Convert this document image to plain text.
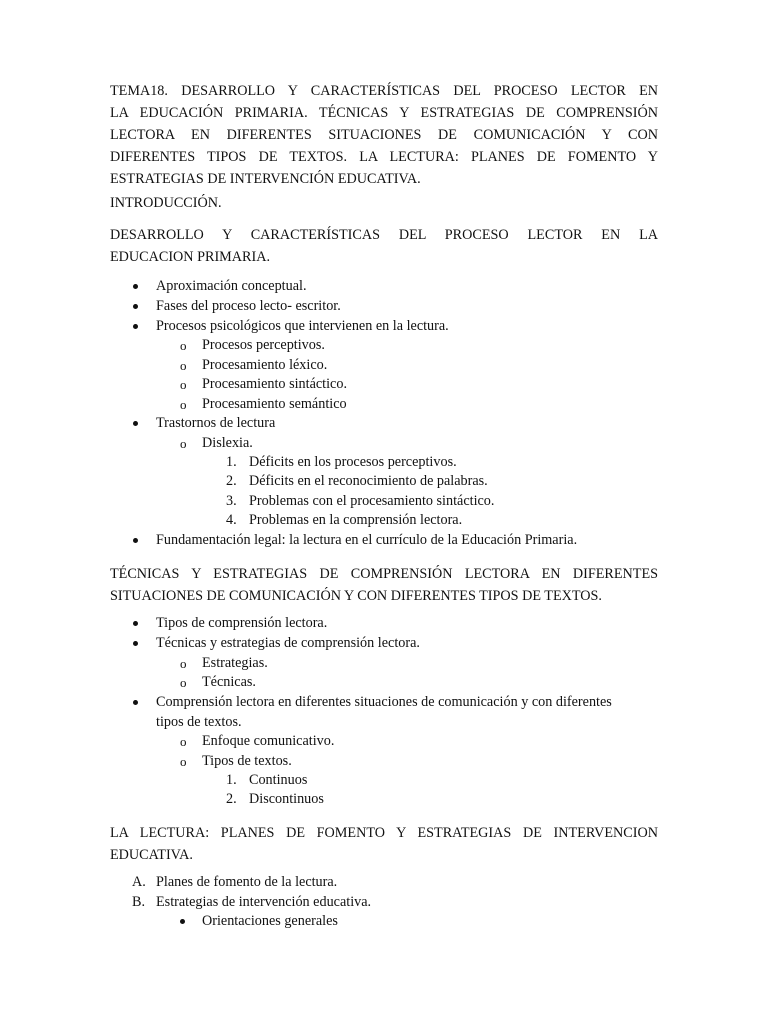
TEMA18. DESARROLLO Y CARACTERÍSTICAS DEL PROCESO LECTOR EN
LA EDUCACIÓN PRIMARIA. TÉCNICAS Y ESTRATEGIAS DE COMPRENSIÓN
LECTORA EN DIFERENTES SITUACIONES DE COMUNICACIÓN Y CON
DIFERENTES TIPOS DE TEXTOS. LA LECTURA: PLANES DE FOMENTO Y
ESTRATEGIAS DE INTERVENCIÓN EDUCATIVA.

INTRODUCCIÓN.

DESARROLLO Y CARACTERÍSTICAS DEL PROCESO LECTOR EN LA
EDUCACION PRIMARIA.
Aproximación conceptual.
Fases del proceso lecto- escritor.
Procesos psicológicos que intervienen en la lectura.
o Procesos perceptivos.
o Procesamiento léxico.
o Procesamiento sintáctico.
o Procesamiento semántico
Trastornos de lectura
o Dislexia.
1. Déficits en los procesos perceptivos.
2. Déficits en el reconocimiento de palabras.
3. Problemas con el procesamiento sintáctico.
4. Problemas en la comprensión lectora.
Fundamentación legal: la lectura en el currículo de la Educación Primaria.
TÉCNICAS Y ESTRATEGIAS DE COMPRENSIÓN LECTORA EN DIFERENTES
SITUACIONES DE COMUNICACIÓN Y CON DIFERENTES TIPOS DE TEXTOS.
Tipos de comprensión lectora.
Técnicas y estrategias de comprensión lectora.
o Estrategias.
o Técnicas.
Comprensión lectora en diferentes situaciones de comunicación y con diferentes
tipos de textos.
o Enfoque comunicativo.
o Tipos de textos.
1. Continuos
2. Discontinuos
LA LECTURA: PLANES DE FOMENTO Y ESTRATEGIAS DE INTERVENCION
EDUCATIVA.
A. Planes de fomento de la lectura.
B. Estrategias de intervención educativa.
Orientaciones generales
